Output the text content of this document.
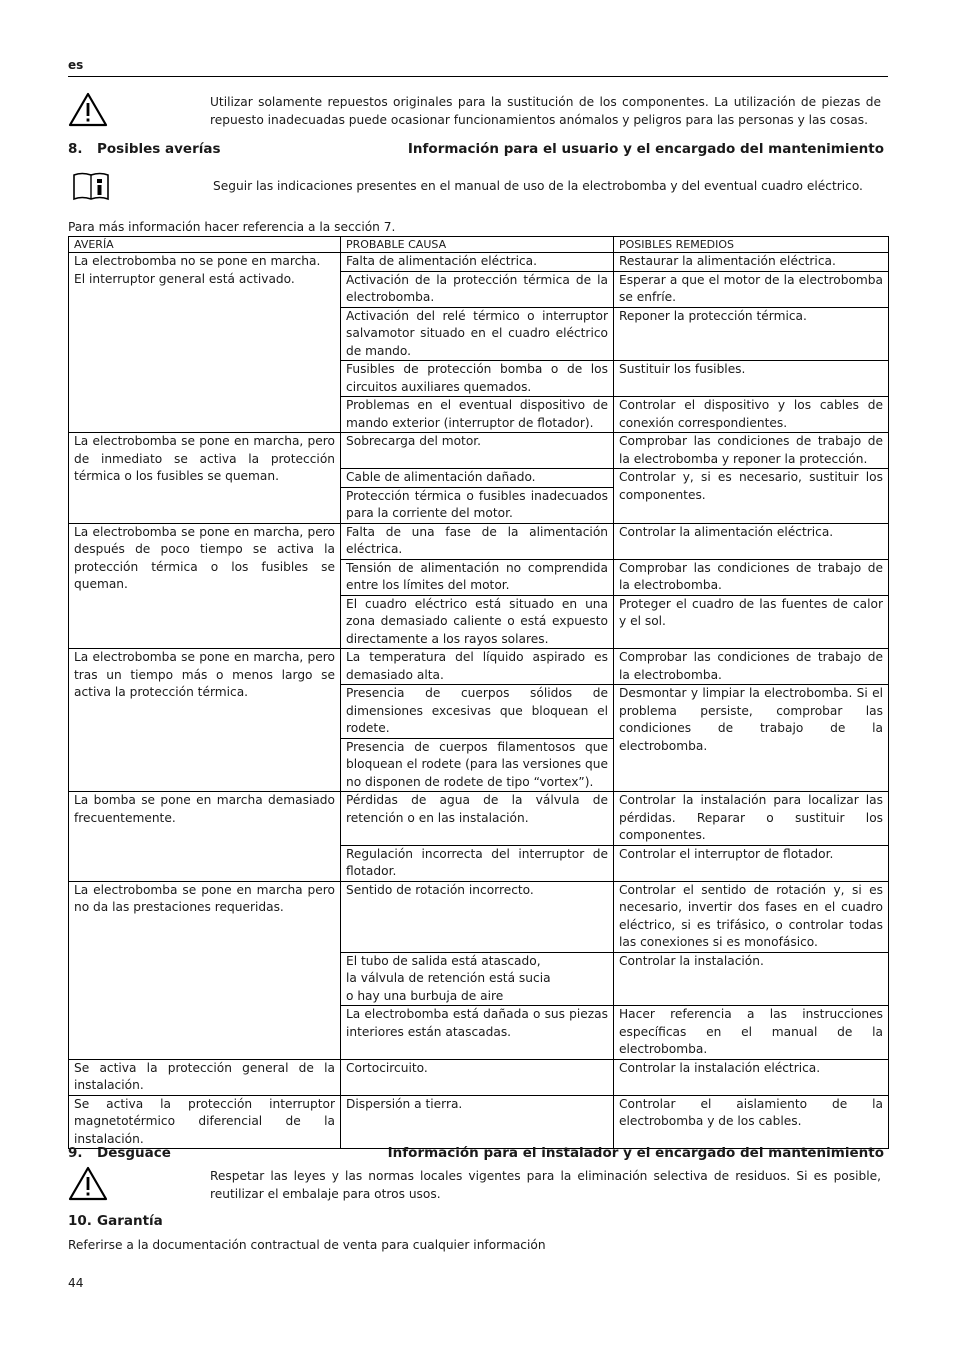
es
Utilizar solamente repuestos originales para la sustitución de los componentes. La utilización de piezas de repuesto inadecuadas puede ocasionar funcionamientos anómalos y peligros para las personas y las cosas.
8. Posibles averías	Información para el usuario y el encargado del mantenimiento
Seguir las indicaciones presentes en el manual de uso de la electrobomba y del eventual cuadro eléctrico.
Para más información hacer referencia a la sección 7.
AVERÍA	PROBABLE CAUSA	POSIBLES REMEDIOS
La electrobomba no se pone en marcha.
El interruptor general está activado.	Falta de alimentación eléctrica.	Restaurar la alimentación eléctrica.
	Activación de la protección térmica de la electrobomba.	Esperar a que el motor de la electrobomba se enfríe.
	Activación del relé térmico o interruptor salvamotor situado en el cuadro eléctrico de mando.	Reponer la protección térmica.
	Fusibles de protección bomba o de los circuitos auxiliares quemados.	Sustituir los fusibles.
	Problemas en el eventual dispositivo de mando exterior (interruptor de flotador).	Controlar el dispositivo y los cables de conexión correspondientes.
La electrobomba se pone en marcha, pero de inmediato se activa la protección térmica o los fusibles se queman.	Sobrecarga del motor.	Comprobar las condiciones de trabajo de la electrobomba y reponer la protección.
	Cable de alimentación dañado.	Controlar y, si es necesario, sustituir los componentes.
	Protección térmica o fusibles inadecuados para la corriente del motor.	
La electrobomba se pone en marcha, pero después de poco tiempo se activa la protección térmica o los fusibles se queman.	Falta de una fase de la alimentación eléctrica.	Controlar la alimentación eléctrica.
	Tensión de alimentación no comprendida entre los límites del motor.	Comprobar las condiciones de trabajo de la electrobomba.
	El cuadro eléctrico está situado en una zona demasiado caliente o está expuesto directamente a los rayos solares.	Proteger el cuadro de las fuentes de calor y el sol.
La electrobomba se pone en marcha, pero tras un tiempo más o menos largo se activa la protección térmica.	La temperatura del líquido aspirado es demasiado alta.	Comprobar las condiciones de trabajo de la electrobomba.
	Presencia de cuerpos sólidos de dimensiones excesivas que bloquean el rodete.	Desmontar y limpiar la electrobomba. Si el problema persiste, comprobar las condiciones de trabajo de la electrobomba.
	Presencia de cuerpos filamentosos que bloquean el rodete (para las versiones que no disponen de rodete de tipo “vortex”).	
La bomba se pone en marcha demasiado frecuentemente.	Pérdidas de agua de la válvula de retención o en las instalación.	Controlar la instalación para localizar las pérdidas. Reparar o sustituir los componentes.
	Regulación incorrecta del interruptor de flotador.	Controlar el interruptor de flotador.
La electrobomba se pone en marcha pero no da las prestaciones requeridas.	Sentido de rotación incorrecto.	Controlar el sentido de rotación y, si es necesario, invertir dos fases en el cuadro eléctrico, si es trifásico, o controlar todas las conexiones si es monofásico.
	El tubo de salida está atascado,
la válvula de retención está sucia
o hay una burbuja de aire	Controlar la instalación.
	La electrobomba está dañada o sus piezas interiores están atascadas.	Hacer referencia a las instrucciones específicas en el manual de la electrobomba.
Se activa la protección general de la instalación.	Cortocircuito.	Controlar la instalación eléctrica.
Se activa la protección interruptor magnetotérmico diferencial de la instalación.	Dispersión a tierra.	Controlar el aislamiento de la electrobomba y de los cables.
9. Desguace	Información para el instalador y el encargado del mantenimiento
Respetar las leyes y las normas locales vigentes para la eliminación selectiva de residuos. Si es posible, reutilizar el embalaje para otros usos.
10. Garantía
Referirse a la documentación contractual de venta para cualquier información
44
